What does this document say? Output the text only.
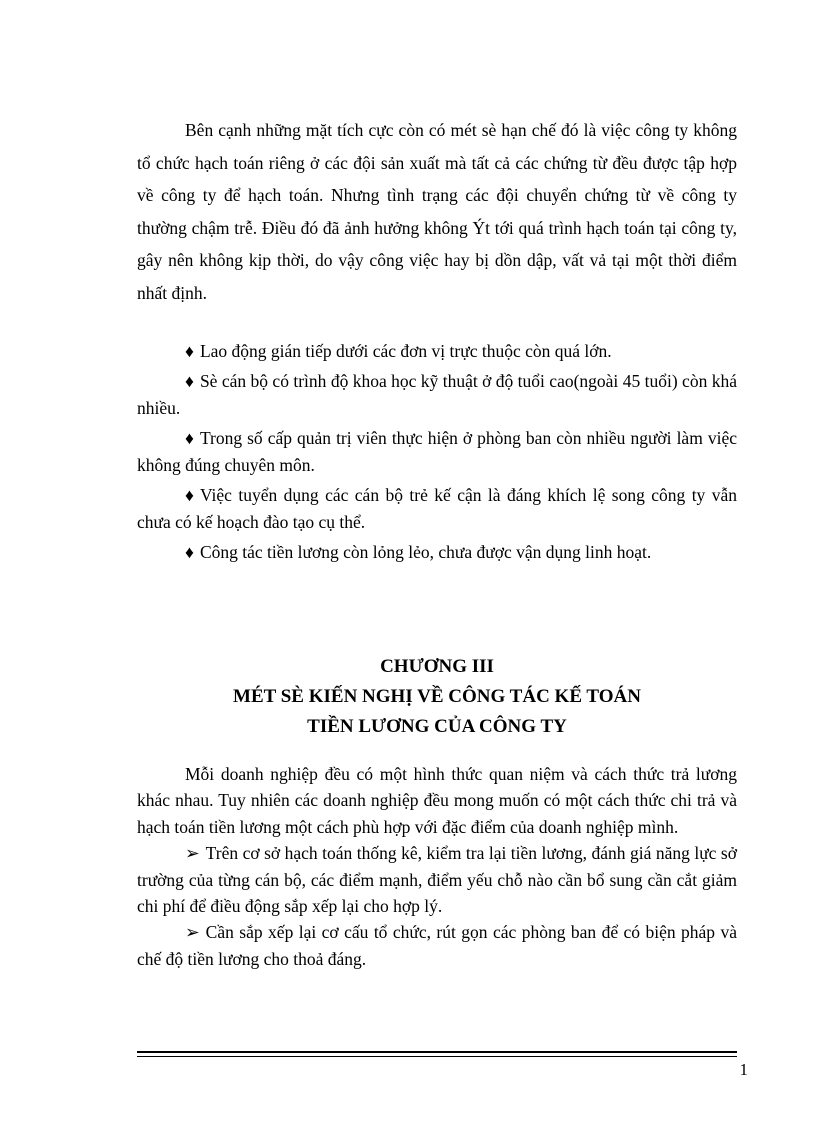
Bên cạnh những mặt tích cực còn có mét sè hạn chế đó là việc công ty không tổ chức hạch toán riêng ở các đội sản xuất mà tất cả các chứng từ đều được tập hợp về công ty để hạch toán. Nhưng tình trạng các đội chuyển chứng từ về công ty thường chậm trễ. Điều đó đã ảnh hưởng không Ýt tới quá trình hạch toán tại công ty, gây nên không kịp thời, do vậy công việc hay bị dồn dập, vất vả tại một thời điểm nhất định.

♦ Lao động gián tiếp dưới các đơn vị trực thuộc còn quá lớn.
♦ Sè cán bộ có trình độ khoa học kỹ thuật ở độ tuổi cao(ngoài 45 tuổi) còn khá nhiều.
♦ Trong số cấp quản trị viên thực hiện ở phòng ban còn nhiều người làm việc không đúng chuyên môn.
♦ Việc tuyển dụng các cán bộ trẻ kế cận là đáng khích lệ song công ty vẫn chưa có kế hoạch đào tạo cụ thể.
♦ Công tác tiền lương còn lỏng lẻo, chưa được vận dụng linh hoạt.
CHƯƠNG III
MÉT SÈ KIẾN NGHỊ VỀ CÔNG TÁC KẾ TOÁN
TIỀN LƯƠNG CỦA CÔNG TY

Mỗi doanh nghiệp đều có một hình thức quan niệm và cách thức trả lương khác nhau. Tuy nhiên các doanh nghiệp đều mong muốn có một cách thức chi trả và hạch toán tiền lương một cách phù hợp với đặc điểm của doanh nghiệp mình.

➢ Trên cơ sở hạch toán thống kê, kiểm tra lại tiền lương, đánh giá năng lực sở trường của từng cán bộ, các điểm mạnh, điểm yếu chỗ nào cần bổ sung cần cắt giảm chi phí để điều động sắp xếp lại cho hợp lý.

➢ Cần sắp xếp lại cơ cấu tổ chức, rút gọn các phòng ban để có biện pháp và chế độ tiền lương cho thoả đáng.

1
